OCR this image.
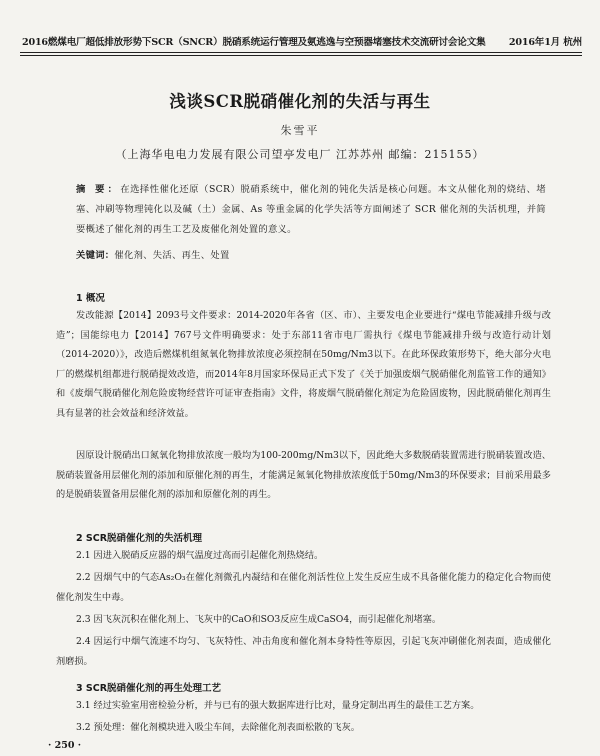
2016燃煤电厂超低排放形势下SCR（SNCR）脱硝系统运行管理及氨逃逸与空预器堵塞技术交流研讨会论文集 2016年1月 杭州
浅谈SCR脱硝催化剂的失活与再生
朱雪平
（上海华电电力发展有限公司望亭发电厂 江苏苏州 邮编：215155）
摘 要：在选择性催化还原（SCR）脱硝系统中，催化剂的钝化失活是核心问题。本文从催化剂的烧结、堵塞、冲刷等物理钝化以及碱（土）金属、As 等重金属的化学失活等方面阐述了 SCR 催化剂的失活机理，并简要概述了催化剂的再生工艺及废催化剂处置的意义。
关键词：催化剂、失活、再生、处置
1 概况
发改能源【2014】2093号文件要求：2014-2020年各省（区、市）、主要发电企业要进行“煤电节能减排升级与改造”；国能综电力【2014】767号文件明确要求：处于东部11省市电厂需执行《煤电节能减排升级与改造行动计划（2014-2020）》，改造后燃煤机组氮氧化物排放浓度必须控制在50mg/Nm3以下。在此环保政策形势下，绝大部分火电厂的燃煤机组都进行脱硝提效改造，而2014年8月国家环保局正式下发了《关于加强废烟气脱硝催化剂监管工作的通知》和《废烟气脱硝催化剂危险废物经营许可证审查指南》文件，将废烟气脱硝催化剂定为危险固废物，因此脱硝催化剂再生具有显著的社会效益和经济效益。
因原设计脱硝出口氮氧化物排放浓度一般均为100-200mg/Nm3以下，因此绝大多数脱硝装置需进行脱硝装置改造、脱硝装置备用层催化剂的添加和原催化剂的再生，才能满足氮氧化物排放浓度低于50mg/Nm3的环保要求；目前采用最多的是脱硝装置备用层催化剂的添加和原催化剂的再生。
2 SCR脱硝催化剂的失活机理
2.1 因进入脱硝反应器的烟气温度过高而引起催化剂热烧结。
2.2 因烟气中的气态As₂O₃在催化剂微孔内凝结和在催化剂活性位上发生反应生成不具备催化能力的稳定化合物而使催化剂发生中毒。
2.3 因飞灰沉积在催化剂上、飞灰中的CaO和SO3反应生成CaSO4，而引起催化剂堵塞。
2.4 因运行中烟气流速不均匀、飞灰特性、冲击角度和催化剂本身特性等原因，引起飞灰冲刷催化剂表面，造成催化剂磨损。
3 SCR脱硝催化剂的再生处理工艺
3.1 经过实验室用密检验分析，并与已有的强大数据库进行比对，量身定制出再生的最佳工艺方案。
3.2 预处理：催化剂模块进入吸尘车间，去除催化剂表面松散的飞灰。
· 250 ·
